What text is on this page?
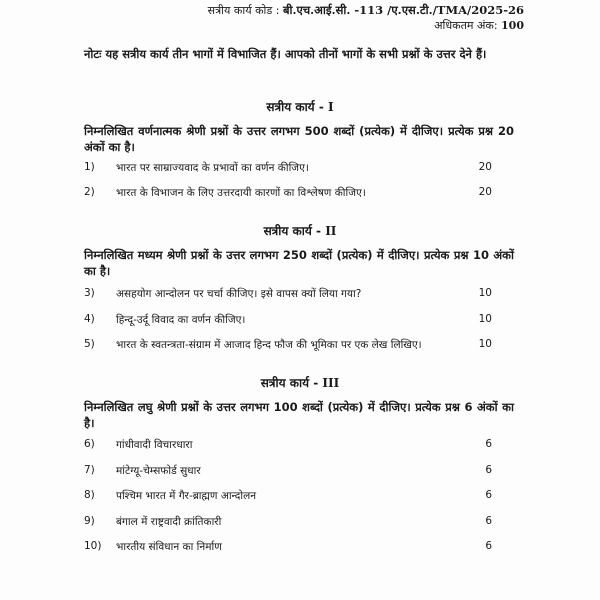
सत्रीय कार्य कोड : बी.एच.आई.सी. -113 /ए.एस.टी./TMA/2025-26
अधिकतम अंक: 100
नोटः यह सत्रीय कार्य तीन भागों में विभाजित हैं। आपको तीनों भागों के सभी प्रश्नों के उत्तर देने हैं।
सत्रीय कार्य - I
निम्नलिखित वर्णनात्मक श्रेणी प्रश्नों के उत्तर लगभग 500 शब्दों (प्रत्येक) में दीजिए। प्रत्येक प्रश्न 20 अंकों का है।
1) भारत पर साम्राज्यवाद के प्रभावों का वर्णन कीजिए।	20
2) भारत के विभाजन के लिए उत्तरदायी कारणों का विश्लेषण कीजिए।	20
सत्रीय कार्य - II
निम्नलिखित मध्यम श्रेणी प्रश्नों के उत्तर लगभग 250 शब्दों (प्रत्येक) में दीजिए। प्रत्येक प्रश्न 10 अंकों का है।
3) असहयोग आन्दोलन पर चर्चा कीजिए। इसे वापस क्यों लिया गया?	10
4) हिन्दू-उर्दू विवाद का वर्णन कीजिए।	10
5) भारत के स्वतन्त्रता-संग्राम में आजाद हिन्द फौज की भूमिका पर एक लेख लिखिए।	10
सत्रीय कार्य - III
निम्नलिखित लघु श्रेणी प्रश्नों के उत्तर लगभग 100 शब्दों (प्रत्येक) में दीजिए। प्रत्येक प्रश्न 6 अंकों का है।
6) गांधीवादी विचारधारा	6
7) मांटेग्यू-चेम्सफोर्ड सुधार	6
8) पश्चिम भारत में गैर-ब्राह्मण आन्दोलन	6
9) बंगाल में राष्ट्रवादी क्रांतिकारी	6
10) भारतीय संविधान का निर्माण	6
